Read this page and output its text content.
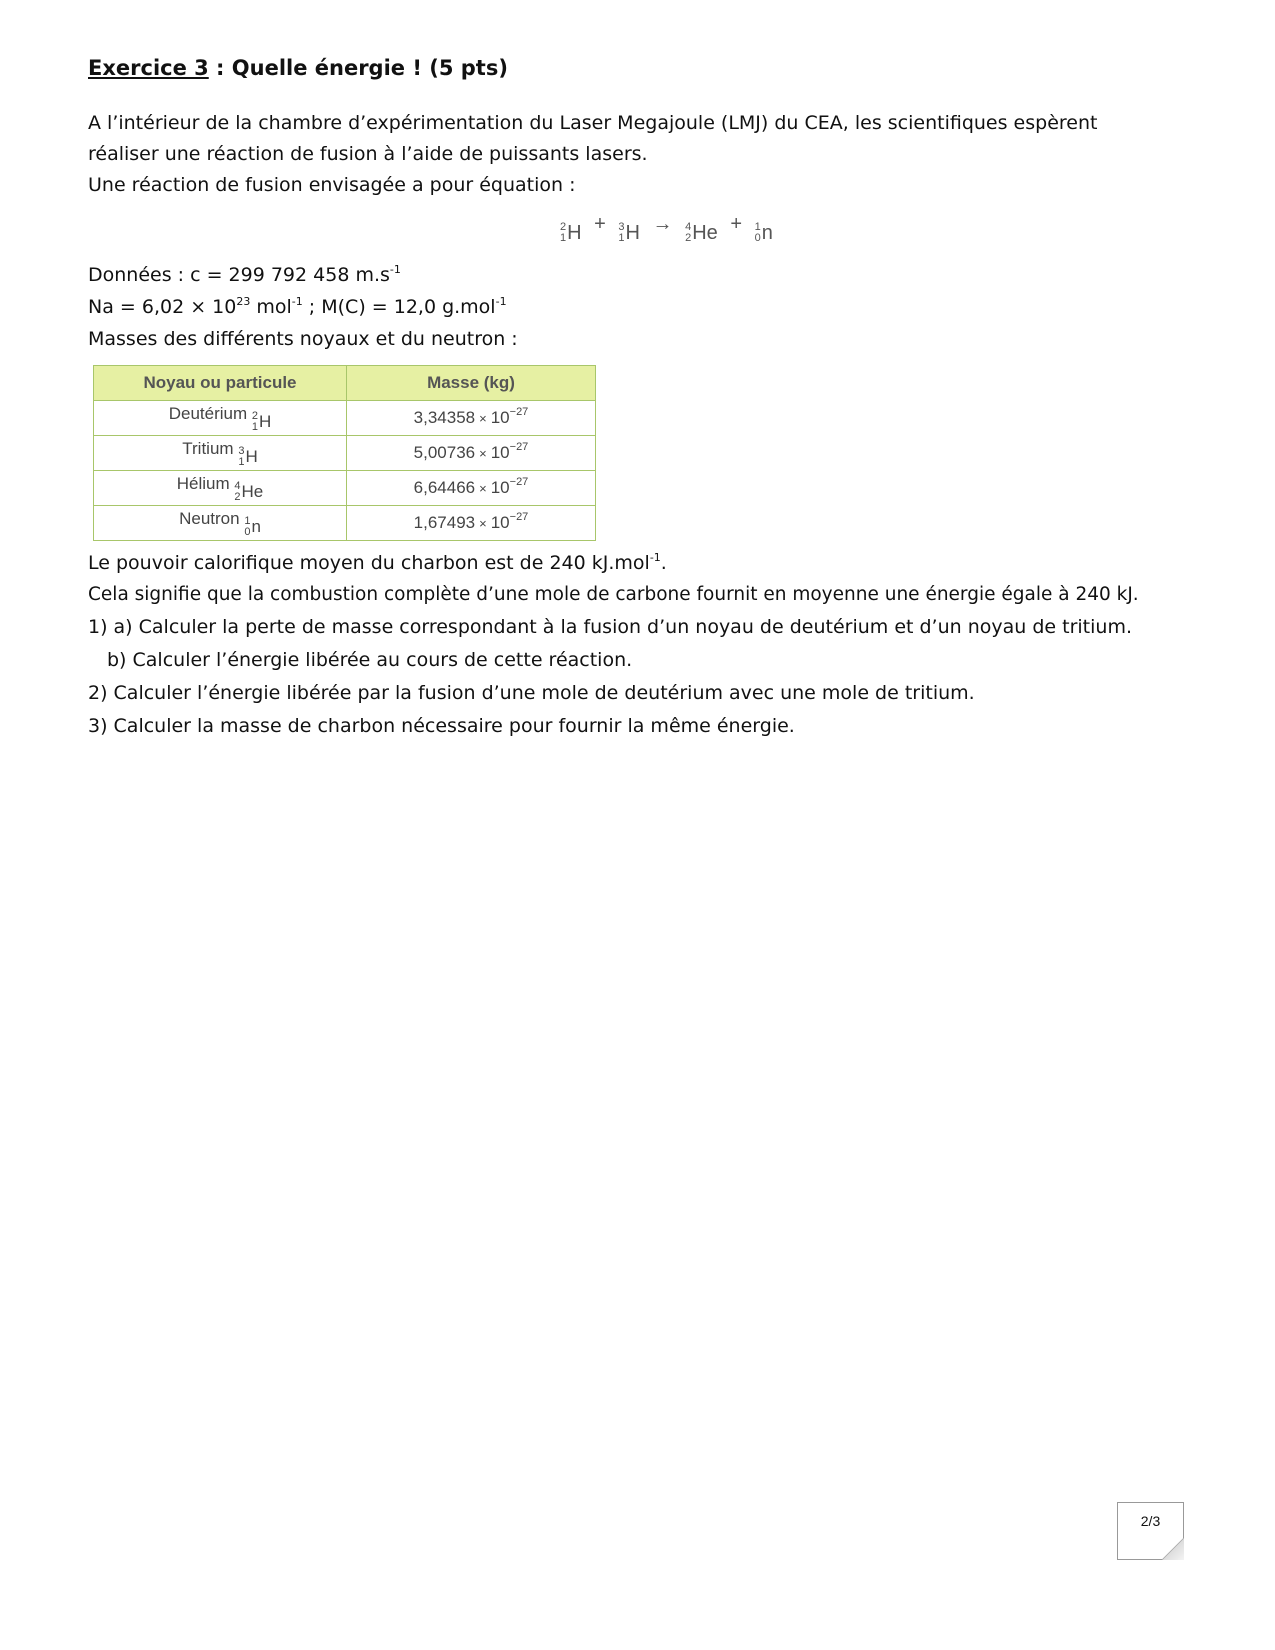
Exercice 3 : Quelle énergie ! (5 pts)
A l’intérieur de la chambre d’expérimentation du Laser Megajoule (LMJ) du CEA, les scientifiques espèrent
réaliser une réaction de fusion à l’aide de puissants lasers.
Une réaction de fusion envisagée a pour équation :
2
1 H + 3
1 H → 4
2 He + 1
0 n
Données : c = 299 792 458 $m.s^{-1}$
$Na = 6,02 \times 10^{23}$ mol$^{-1}$ ; M(C) = 12,0 g.mol$^{-1}$
Masses des différents noyaux et du neutron :
Noyau ou particule	Masse (kg)
Deutérium 2
1 H	$3,34358 \times 10^{-27}$
Tritium 3
1 H	$5,00736 \times 10^{-27}$
Hélium 4
2 He	$6,64466 \times 10^{-27}$
Neutron 1
0 n	$1,67493 \times 10^{-27}$
Le pouvoir calorifique moyen du charbon est de 240 kJ.mol$^{-1}$.
Cela signifie que la combustion complète d’une mole de carbone fournit en moyenne une énergie égale à 240 kJ.
1) a) Calculer la perte de masse correspondant à la fusion d’un noyau de deutérium et d’un noyau de tritium.
b) Calculer l’énergie libérée au cours de cette réaction.
2) Calculer l’énergie libérée par la fusion d’une mole de deutérium avec une mole de tritium.
3) Calculer la masse de charbon nécessaire pour fournir la même énergie.
2/3
